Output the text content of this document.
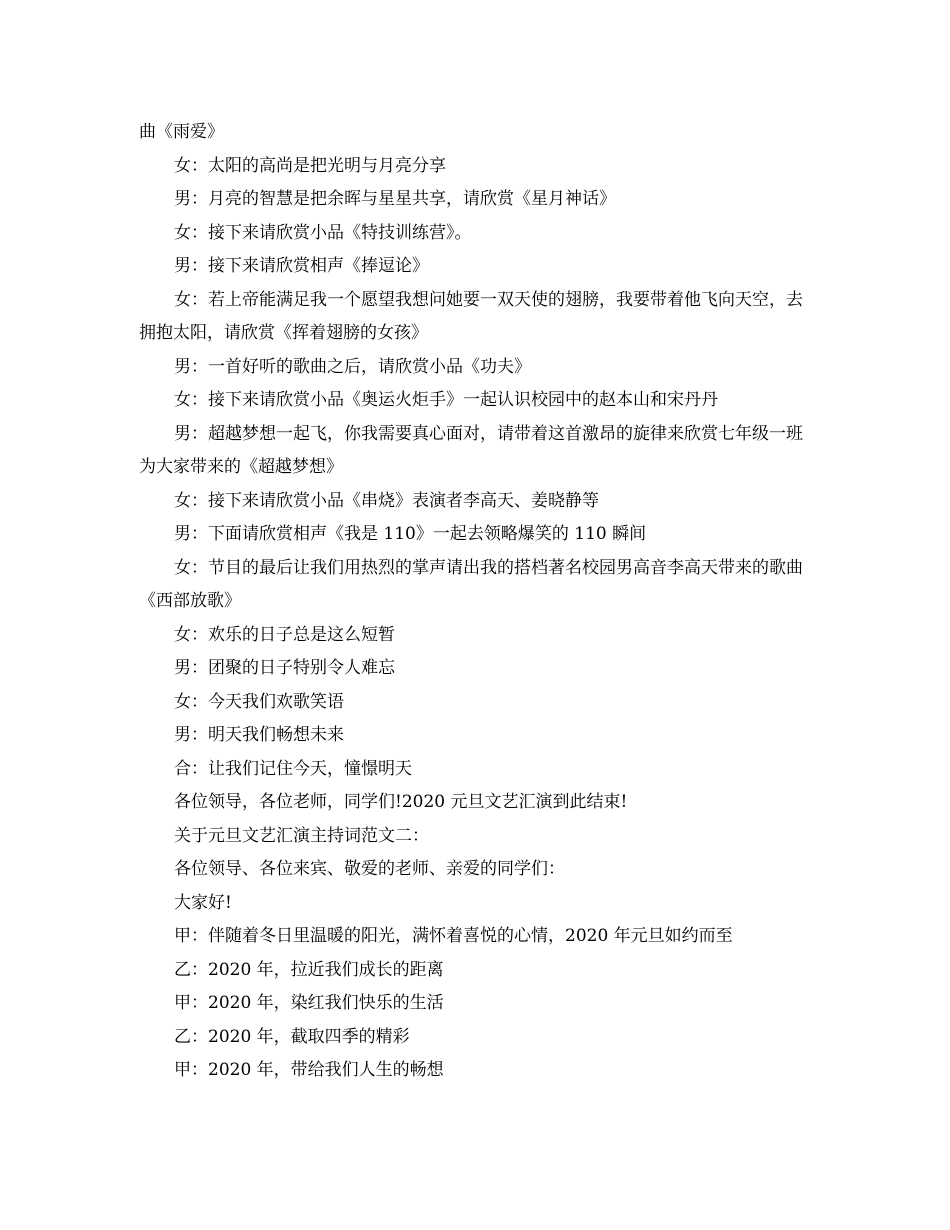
曲《雨爱》

女：太阳的高尚是把光明与月亮分享

男：月亮的智慧是把余晖与星星共享，请欣赏《星月神话》

女：接下来请欣赏小品《特技训练营》。

男：接下来请欣赏相声《捧逗论》

女：若上帝能满足我一个愿望我想问她要一双天使的翅膀，我要带着他飞向天空，去拥抱太阳，请欣赏《挥着翅膀的女孩》

男：一首好听的歌曲之后，请欣赏小品《功夫》

女：接下来请欣赏小品《奥运火炬手》一起认识校园中的赵本山和宋丹丹

男：超越梦想一起飞，你我需要真心面对，请带着这首激昂的旋律来欣赏七年级一班为大家带来的《超越梦想》

女：接下来请欣赏小品《串烧》表演者李高天、姜晓静等

男：下面请欣赏相声《我是 110》一起去领略爆笑的 110 瞬间

女：节目的最后让我们用热烈的掌声请出我的搭档著名校园男高音李高天带来的歌曲《西部放歌》

女：欢乐的日子总是这么短暂

男：团聚的日子特别令人难忘

女：今天我们欢歌笑语

男：明天我们畅想未来

合：让我们记住今天，憧憬明天

各位领导，各位老师，同学们!2020 元旦文艺汇演到此结束!

关于元旦文艺汇演主持词范文二：

各位领导、各位来宾、敬爱的老师、亲爱的同学们：

大家好!

甲：伴随着冬日里温暖的阳光，满怀着喜悦的心情，2020 年元旦如约而至

乙：2020 年，拉近我们成长的距离

甲：2020 年，染红我们快乐的生活

乙：2020 年，截取四季的精彩

甲：2020 年，带给我们人生的畅想
